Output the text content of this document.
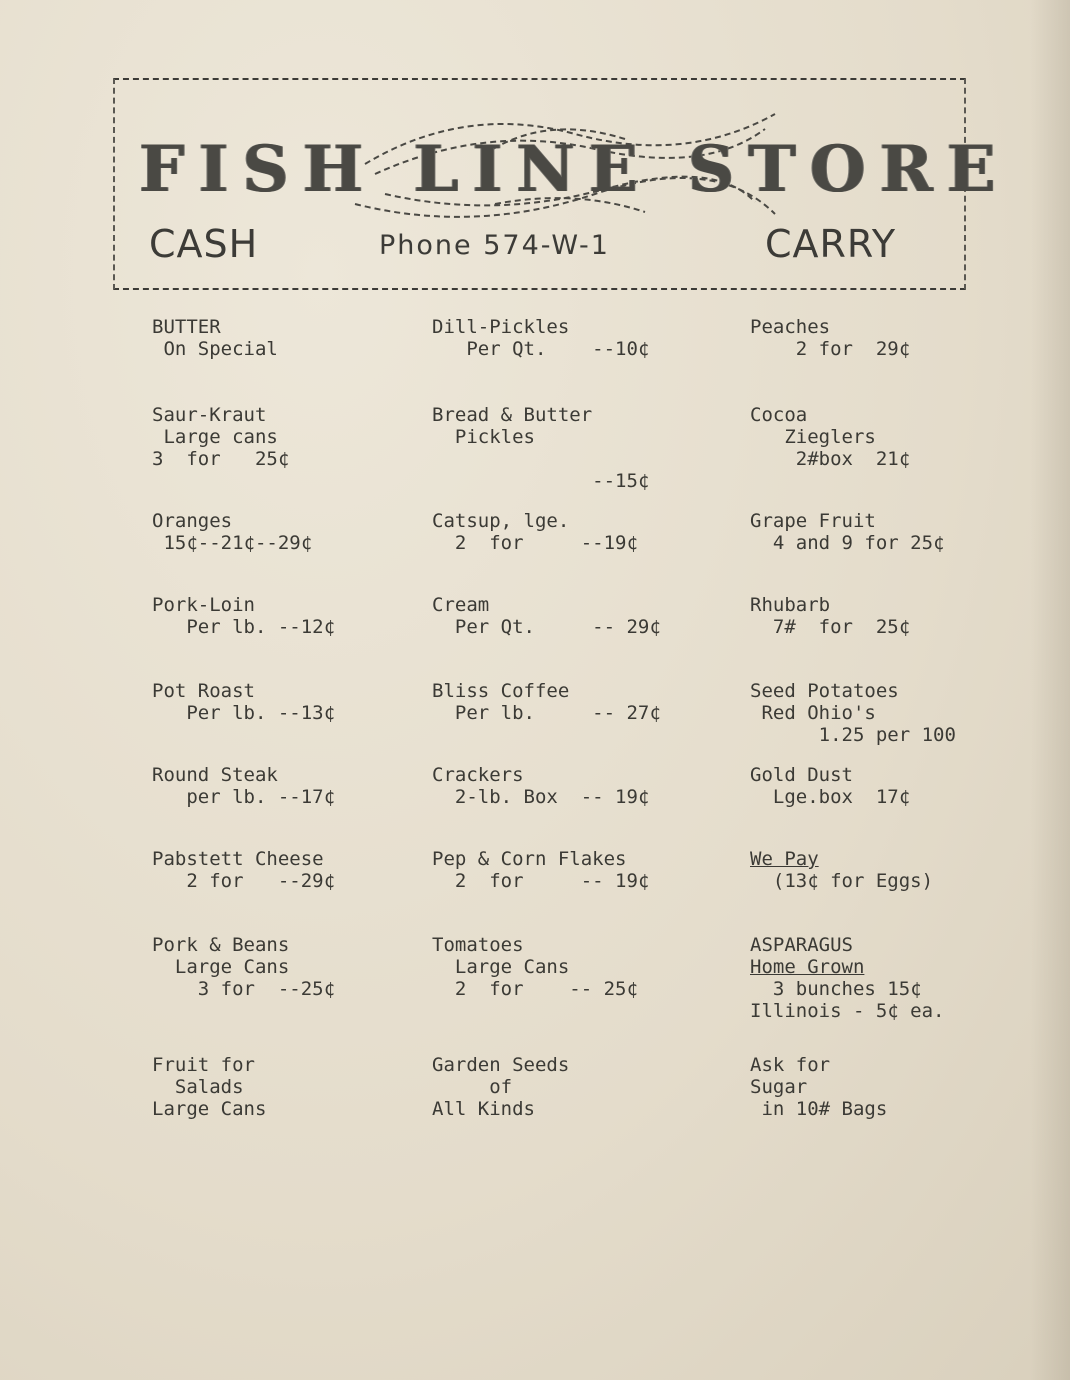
FISH LINE STORE
CASH	Phone 574-W-1	CARRY
BUTTER
On Special
Saur-Kraut
Large cans
3  for   25¢
Oranges
15¢--21¢--29¢
Pork-Loin
Per lb. --12¢
Pot Roast
Per lb. --13¢
Round Steak
per lb. --17¢
Pabstett Cheese
2 for   --29¢
Pork & Beans
Large Cans
3 for  --25¢
Fruit for
Salads
Large Cans
Dill-Pickles
Per Qt.    --10¢
Bread & Butter
Pickles

--15¢
Catsup, lge.
2  for     --19¢
Cream
Per Qt.     -- 29¢
Bliss Coffee
Per lb.     -- 27¢
Crackers
2-lb. Box  -- 19¢
Pep & Corn Flakes
2  for     -- 19¢
Tomatoes
Large Cans
2  for    -- 25¢
Garden Seeds
of
All Kinds
Peaches
2 for  29¢
Cocoa
Zieglers
2#box  21¢
Grape Fruit
4 and 9 for 25¢
Rhubarb
7#  for  25¢
Seed Potatoes
Red Ohio's
1.25 per 100
Gold Dust
Lge.box  17¢
We Pay
(13¢ for Eggs)
ASPARAGUS
Home Grown
3 bunches 15¢
Illinois - 5¢ ea.
Ask for
Sugar
in 10# Bags
